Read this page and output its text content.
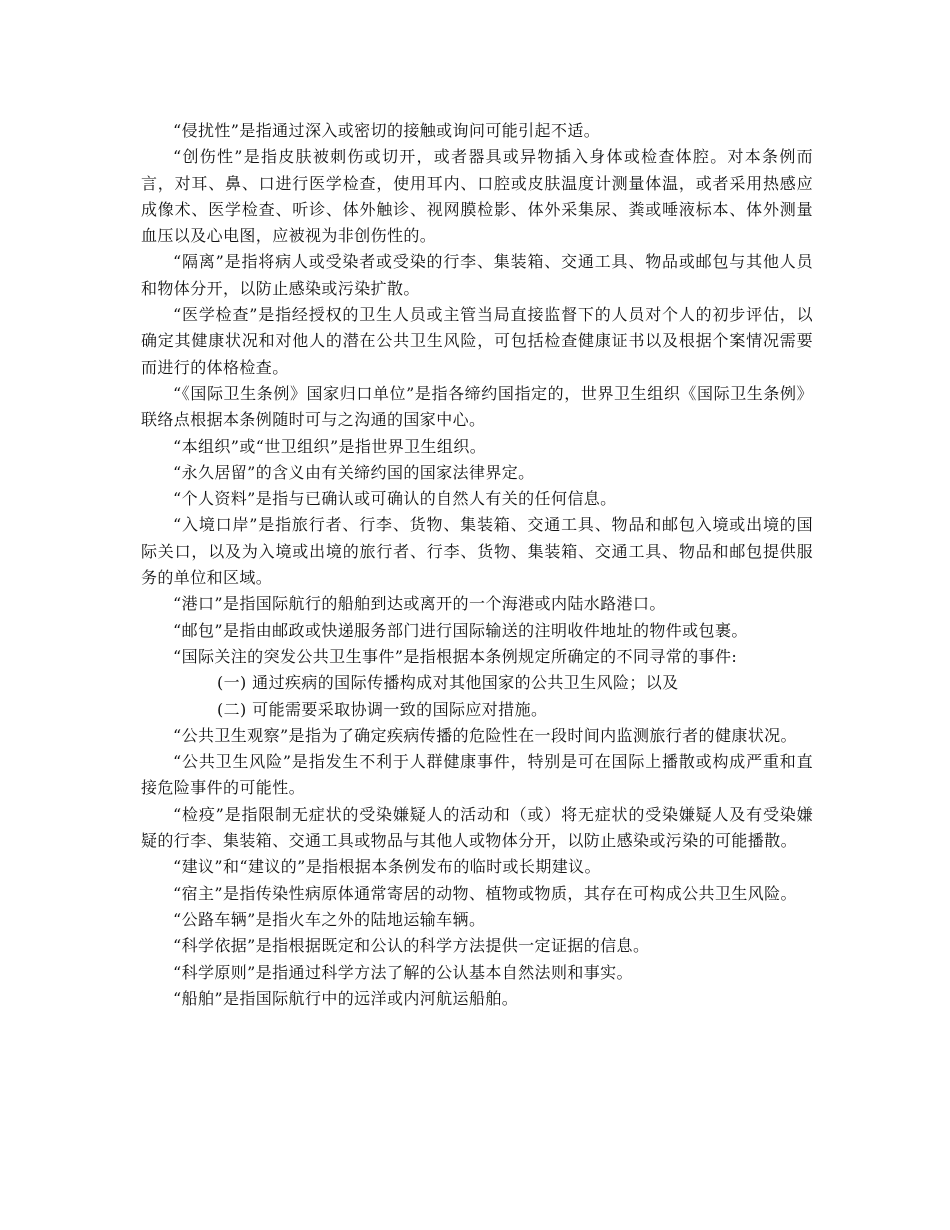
“侵扰性”是指通过深入或密切的接触或询问可能引起不适。

“创伤性”是指皮肤被刺伤或切开，或者器具或异物插入身体或检查体腔。对本条例而言，对耳、鼻、口进行医学检查，使用耳内、口腔或皮肤温度计测量体温，或者采用热感应成像术、医学检查、听诊、体外触诊、视网膜检影、体外采集尿、粪或唾液标本、体外测量血压以及心电图，应被视为非创伤性的。

“隔离”是指将病人或受染者或受染的行李、集装箱、交通工具、物品或邮包与其他人员和物体分开，以防止感染或污染扩散。

“医学检查”是指经授权的卫生人员或主管当局直接监督下的人员对个人的初步评估，以确定其健康状况和对他人的潜在公共卫生风险，可包括检查健康证书以及根据个案情况需要而进行的体格检查。

“《国际卫生条例》国家归口单位”是指各缔约国指定的，世界卫生组织《国际卫生条例》联络点根据本条例随时可与之沟通的国家中心。

“本组织”或“世卫组织”是指世界卫生组织。

“永久居留”的含义由有关缔约国的国家法律界定。

“个人资料”是指与已确认或可确认的自然人有关的任何信息。

“入境口岸”是指旅行者、行李、货物、集装箱、交通工具、物品和邮包入境或出境的国际关口，以及为入境或出境的旅行者、行李、货物、集装箱、交通工具、物品和邮包提供服务的单位和区域。

“港口”是指国际航行的船舶到达或离开的一个海港或内陆水路港口。

“邮包”是指由邮政或快递服务部门进行国际输送的注明收件地址的物件或包裹。

“国际关注的突发公共卫生事件”是指根据本条例规定所确定的不同寻常的事件:

(一) 通过疾病的国际传播构成对其他国家的公共卫生风险；以及

(二) 可能需要采取协调一致的国际应对措施。

“公共卫生观察”是指为了确定疾病传播的危险性在一段时间内监测旅行者的健康状况。

“公共卫生风险”是指发生不利于人群健康事件，特别是可在国际上播散或构成严重和直接危险事件的可能性。

“检疫”是指限制无症状的受染嫌疑人的活动和（或）将无症状的受染嫌疑人及有受染嫌疑的行李、集装箱、交通工具或物品与其他人或物体分开，以防止感染或污染的可能播散。

“建议”和“建议的”是指根据本条例发布的临时或长期建议。

“宿主”是指传染性病原体通常寄居的动物、植物或物质，其存在可构成公共卫生风险。

“公路车辆”是指火车之外的陆地运输车辆。

“科学依据”是指根据既定和公认的科学方法提供一定证据的信息。

“科学原则”是指通过科学方法了解的公认基本自然法则和事实。

“船舶”是指国际航行中的远洋或内河航运船舶。
